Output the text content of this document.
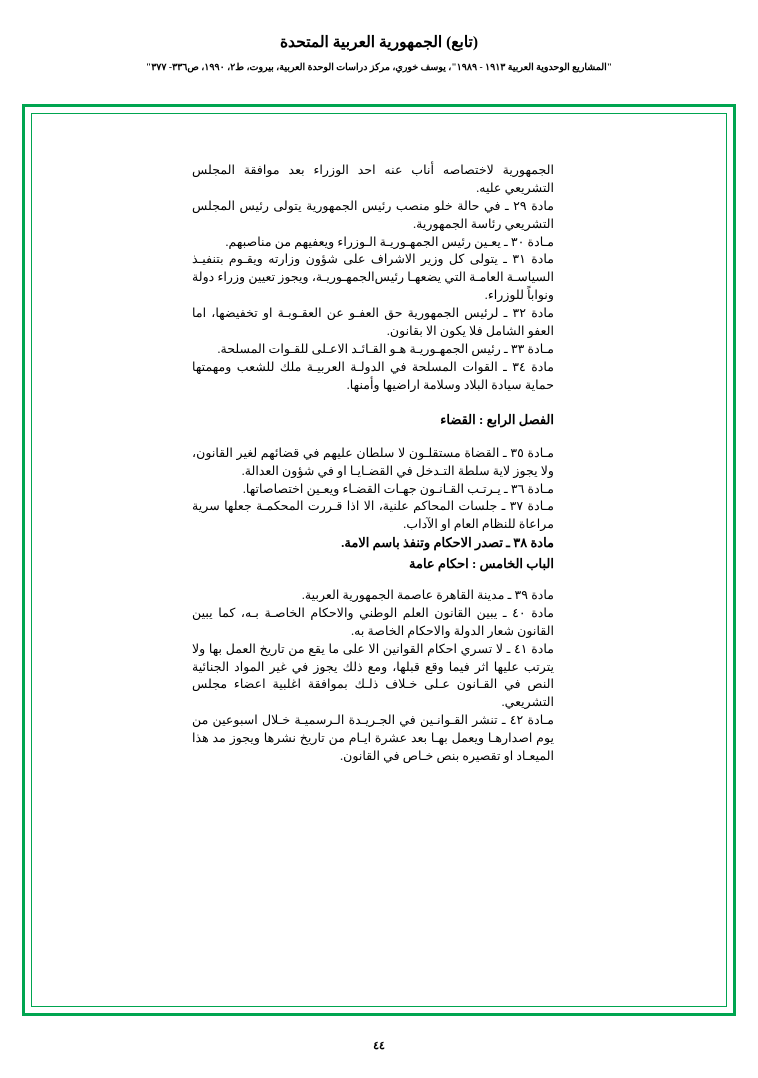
(تابع) الجمهورية العربية المتحدة
"المشاريع الوحدوية العربية ١٩١٣ - ١٩٨٩"، يوسف خوري، مركز دراسات الوحدة العربية، بيروت، ط٢، ١٩٩٠، ص٣٣٦- ٣٧٧"

الجمهورية لاختصاصه أناب عنه احد الوزراء بعد موافقة المجلس التشريعي عليه.

مادة ٢٩ ـ في حالة خلو منصب رئيس الجمهورية يتولى رئيس المجلس التشريعي رئاسة الجمهورية.

مـادة ٣٠ ـ يعـين رئيس الجمهـوريـة الـوزراء ويعفيهم من مناصبهم.

مادة ٣١ ـ يتولى كل وزير الاشراف على شؤون وزارته ويقـوم بتنفيـذ السياسـة العامـة التي يضعهـا رئيس‌الجمهـوريـة، ويجوز تعيين وزراء دولة ونواباً للوزراء.

مادة ٣٢ ـ لرئيس الجمهورية حق العفـو عن العقـوبـة او تخفيضها، اما العفو الشامل فلا يكون الا بقانون.

مـادة ٣٣ ـ رئيس الجمهـوريـة هـو القـائـد الاعـلى للقـوات المسلحة.

مادة ٣٤ ـ القوات المسلحة في الدولـة العربيـة ملك للشعب ومهمتها حماية سيادة البلاد وسلامة اراضيها وأمنها.

الفصل الرابع : القضاء

مـادة ٣٥ ـ القضاة مستقلـون لا سلطان عليهم في قضائهم لغير القانون، ولا يجوز لاية سلطة التـدخل في القضـايـا او في شؤون العدالة.

مـادة ٣٦ ـ يـرتـب القـانـون جهـات القضـاء ويعـين اختصاصاتها.

مـادة ٣٧ ـ جلسات المحاكم علنية، الا اذا قـررت المحكمـة جعلها سرية مراعاة للنظام العام او الآداب.

مادة ٣٨ ـ تصدر الاحكام وتنفذ باسم الامة.

الباب الخامس : احكام عامة

مادة ٣٩ ـ مدينة القاهرة عاصمة الجمهورية العربية.

مادة ٤٠ ـ يبين القانون العلم الوطني والاحكام الخاصـة بـه، كما يبين القانون شعار الدولة والاحكام الخاصة به.

مادة ٤١ ـ لا تسري احكام القوانين الا على ما يقع من تاريخ العمل بها ولا يترتب عليها اثر فيما وقع قبلها، ومع ذلك يجوز في غير المواد الجنائية النص في القـانون عـلى خـلاف ذلـك بموافقة اغلبية اعضاء مجلس التشريعي.

مـادة ٤٢ ـ تنشر القـوانـين في الجـريـدة الـرسميـة خـلال اسبوعين من يوم اصدارهـا ويعمل بهـا بعد عشرة ايـام من تاريخ نشرها ويجوز مد هذا الميعـاد او تقصيره بنص خـاص في القانون.

٤٤
